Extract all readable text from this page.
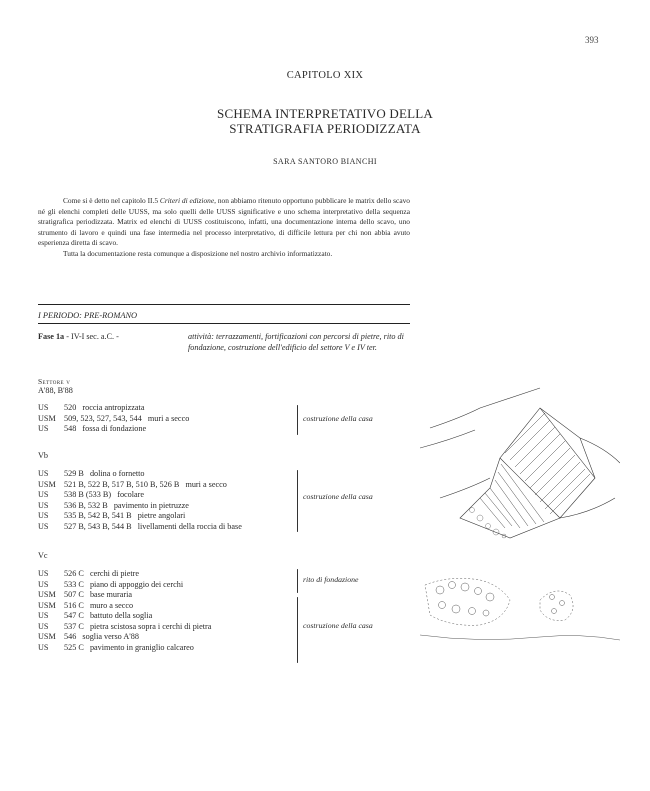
393
CAPITOLO XIX
SCHEMA INTERPRETATIVO DELLA
STRATIGRAFIA PERIODIZZATA
SARA SANTORO BIANCHI

Come si è detto nel capitolo II.5 Criteri di edizione, non abbiamo ritenuto opportuno pubblicare le matrix dello scavo né gli elenchi completi delle UUSS, ma solo quelli delle UUSS significative e uno schema interpretativo della sequenza stratigrafica periodizzata. Matrix ed elenchi di UUSS costituiscono, infatti, una documentazione interna dello scavo, uno strumento di lavoro e quindi una fase intermedia nel processo interpretativo, di difficile lettura per chi non abbia avuto esperienza diretta di scavo.

Tutta la documentazione resta comunque a disposizione nel nostro archivio informatizzato.

I PERIODO: PRE-ROMANO
Fase 1a - IV-I sec. a.C. -	attività: terrazzamenti, fortificazioni con percorsi di pietre, rito di fondazione, costruzione dell'edificio del settore V e IV ter.
Settore v
A'88, B'88
US 520 roccia antropizzata
USM 509, 523, 527, 543, 544 muri a secco
US 548 fossa di fondazione
costruzione della casa
Vb
US 529 B dolina o fornetto
USM 521 B, 522 B, 517 B, 510 B, 526 B muri a secco
US 538 B (533 B) focolare
US 536 B, 532 B pavimento in pietruzze
US 535 B, 542 B, 541 B pietre angolari
US 527 B, 543 B, 544 B livellamenti della roccia di base
costruzione della casa
Vc
US 526 C cerchi di pietre
US 533 C piano di appoggio dei cerchi
USM 507 C base muraria
USM 516 C muro a secco
US 547 C battuto della soglia
US 537 C pietra scistosa sopra i cerchi di pietra
USM 546 soglia verso A'88
US 525 C pavimento in graniglio calcareo
rito di fondazione
costruzione della casa
